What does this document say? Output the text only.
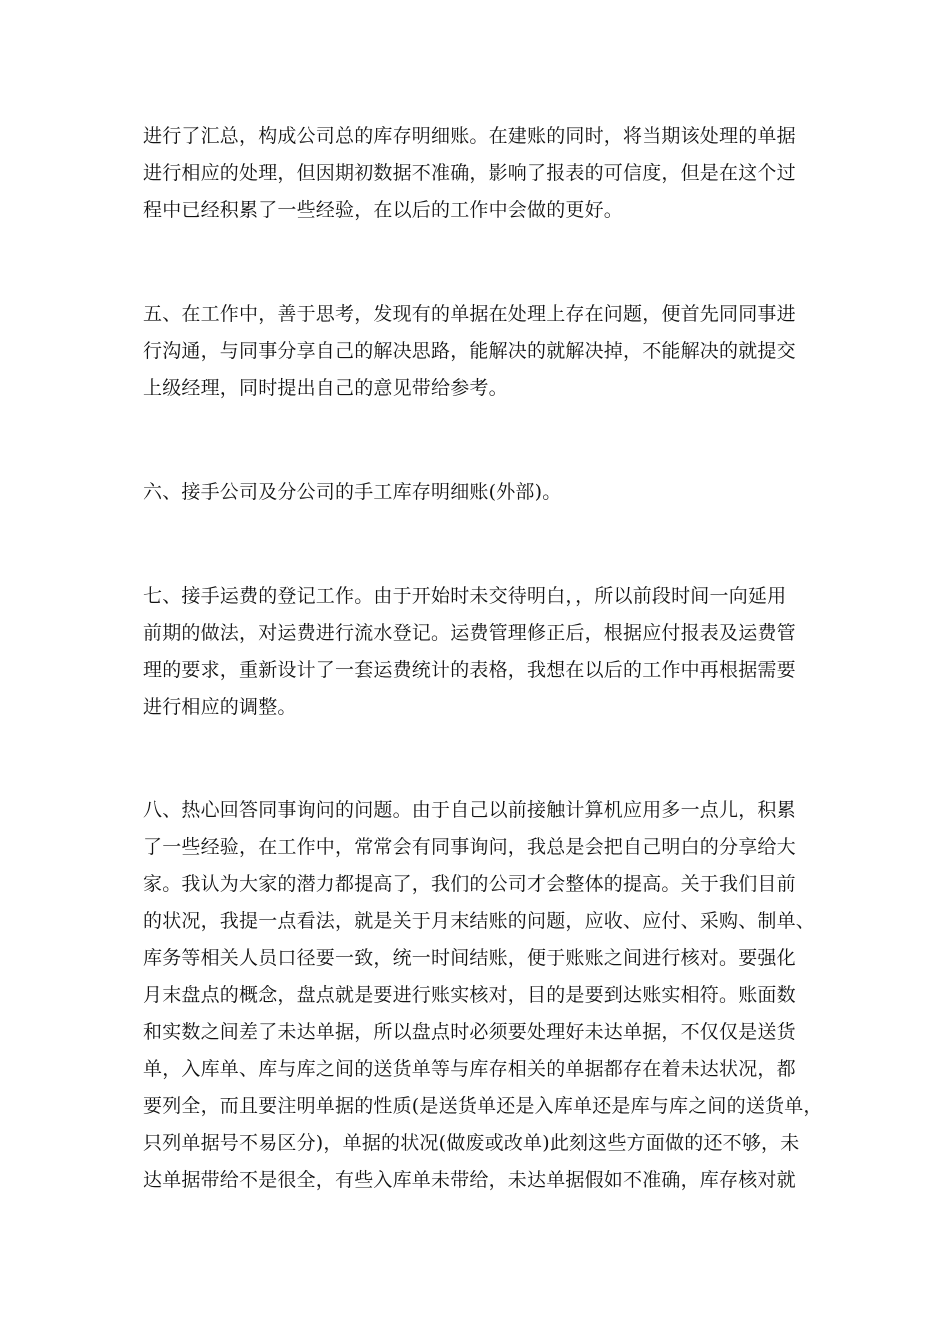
进行了汇总，构成公司总的库存明细账。在建账的同时，将当期该处理的单据
进行相应的处理，但因期初数据不准确，影响了报表的可信度，但是在这个过
程中已经积累了一些经验，在以后的工作中会做的更好。

五、在工作中，善于思考，发现有的单据在处理上存在问题，便首先同同事进
行沟通，与同事分享自己的解决思路，能解决的就解决掉，不能解决的就提交
上级经理，同时提出自己的意见带给参考。

六、接手公司及分公司的手工库存明细账(外部)。

七、接手运费的登记工作。由于开始时未交待明白，，所以前段时间一向延用
前期的做法，对运费进行流水登记。运费管理修正后，根据应付报表及运费管
理的要求，重新设计了一套运费统计的表格，我想在以后的工作中再根据需要
进行相应的调整。

八、热心回答同事询问的问题。由于自己以前接触计算机应用多一点儿，积累
了一些经验，在工作中，常常会有同事询问，我总是会把自己明白的分享给大
家。我认为大家的潜力都提高了，我们的公司才会整体的提高。关于我们目前
的状况，我提一点看法，就是关于月末结账的问题，应收、应付、采购、制单、
库务等相关人员口径要一致，统一时间结账，便于账账之间进行核对。要强化
月末盘点的概念，盘点就是要进行账实核对，目的是要到达账实相符。账面数
和实数之间差了未达单据，所以盘点时必须要处理好未达单据，不仅仅是送货
单，入库单、库与库之间的送货单等与库存相关的单据都存在着未达状况，都
要列全，而且要注明单据的性质(是送货单还是入库单还是库与库之间的送货单，
只列单据号不易区分)，单据的状况(做废或改单)此刻这些方面做的还不够，未
达单据带给不是很全，有些入库单未带给，未达单据假如不准确，库存核对就
